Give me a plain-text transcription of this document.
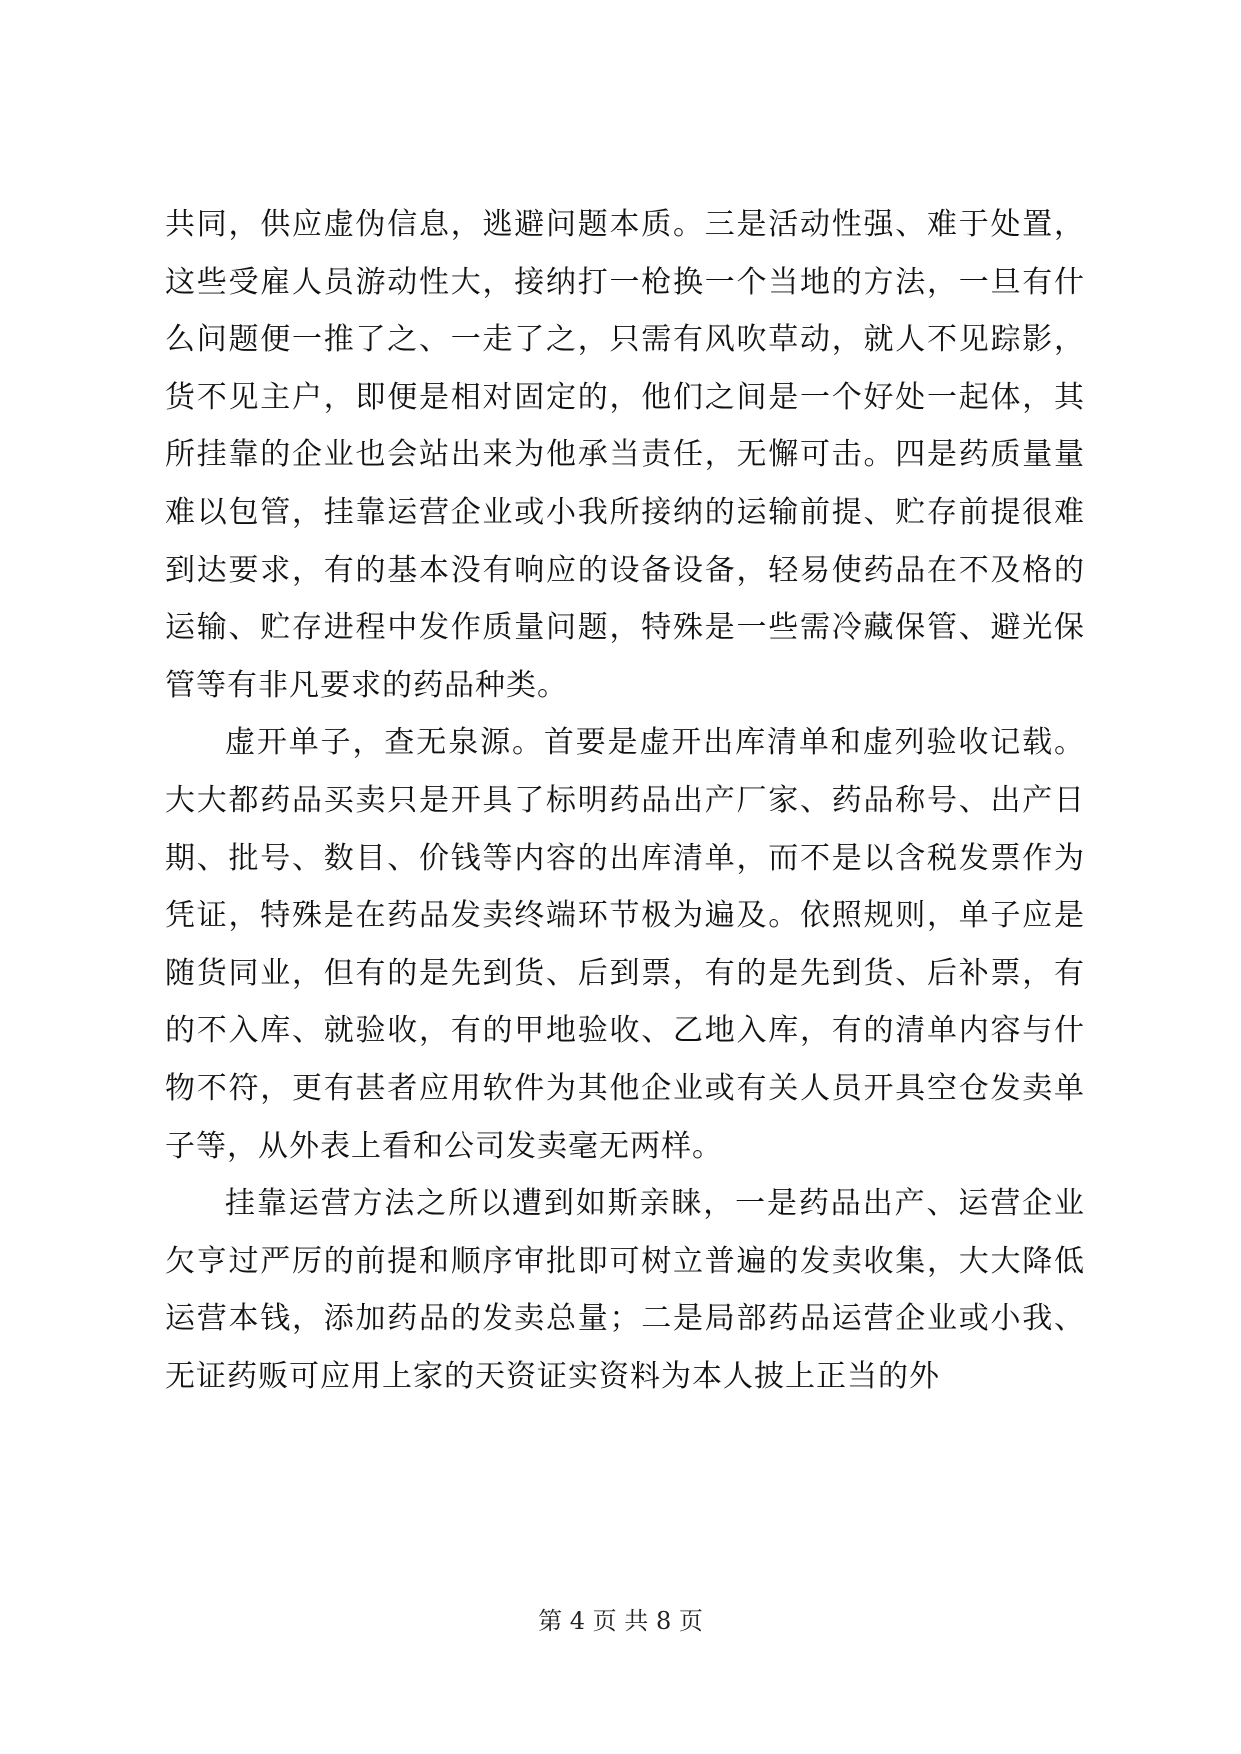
共同，供应虚伪信息，逃避问题本质。三是活动性强、难于处置，这些受雇人员游动性大，接纳打一枪换一个当地的方法，一旦有什么问题便一推了之、一走了之，只需有风吹草动，就人不见踪影，货不见主户，即便是相对固定的，他们之间是一个好处一起体，其所挂靠的企业也会站出来为他承当责任，无懈可击。四是药质量量难以包管，挂靠运营企业或小我所接纳的运输前提、贮存前提很难到达要求，有的基本没有响应的设备设备，轻易使药品在不及格的运输、贮存进程中发作质量问题，特殊是一些需冷藏保管、避光保管等有非凡要求的药品种类。

虚开单子，查无泉源。首要是虚开出库清单和虚列验收记载。大大都药品买卖只是开具了标明药品出产厂家、药品称号、出产日期、批号、数目、价钱等内容的出库清单，而不是以含税发票作为凭证，特殊是在药品发卖终端环节极为遍及。依照规则，单子应是随货同业，但有的是先到货、后到票，有的是先到货、后补票，有的不入库、就验收，有的甲地验收、乙地入库，有的清单内容与什物不符，更有甚者应用软件为其他企业或有关人员开具空仓发卖单子等，从外表上看和公司发卖毫无两样。

挂靠运营方法之所以遭到如斯亲睐，一是药品出产、运营企业欠亨过严厉的前提和顺序审批即可树立普遍的发卖收集，大大降低运营本钱，添加药品的发卖总量；二是局部药品运营企业或小我、无证药贩可应用上家的天资证实资料为本人披上正当的外

第 4 页 共 8 页
